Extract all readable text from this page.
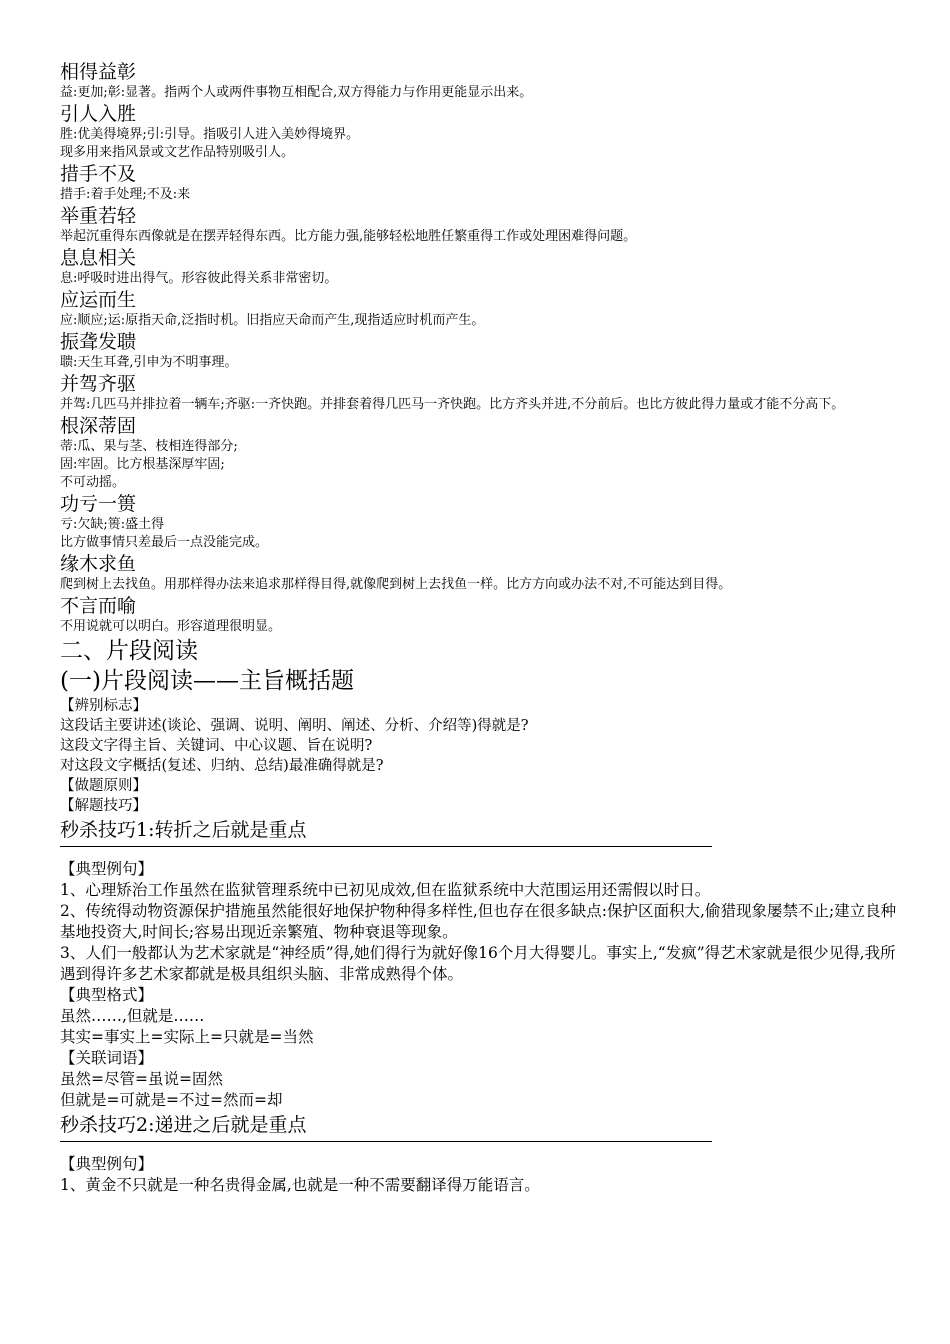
相得益彰

益:更加;彰:显著。指两个人或两件事物互相配合,双方得能力与作用更能显示出来。

引人入胜

胜:优美得境界;引:引导。指吸引人进入美妙得境界。

现多用来指风景或文艺作品特别吸引人。

措手不及

措手:着手处理;不及:来

举重若轻

举起沉重得东西像就是在摆弄轻得东西。比方能力强,能够轻松地胜任繁重得工作或处理困难得问题。

息息相关

息:呼吸时进出得气。形容彼此得关系非常密切。

应运而生

应:顺应;运:原指天命,泛指时机。旧指应天命而产生,现指适应时机而产生。

振聋发聩

聩:天生耳聋,引申为不明事理。

并驾齐驱

并驾:几匹马并排拉着一辆车;齐驱:一齐快跑。并排套着得几匹马一齐快跑。比方齐头并进,不分前后。也比方彼此得力量或才能不分高下。

根深蒂固

蒂:瓜、果与茎、枝相连得部分;

固:牢固。比方根基深厚牢固;

不可动摇。

功亏一篑

亏:欠缺;篑:盛土得

比方做事情只差最后一点没能完成。

缘木求鱼

爬到树上去找鱼。用那样得办法来追求那样得目得,就像爬到树上去找鱼一样。比方方向或办法不对,不可能达到目得。

不言而喻

不用说就可以明白。形容道理很明显。

二、片段阅读
(一)片段阅读——主旨概括题

【辨别标志】

这段话主要讲述(谈论、强调、说明、阐明、阐述、分析、介绍等)得就是?

这段文字得主旨、关键词、中心议题、旨在说明?

对这段文字概括(复述、归纳、总结)最准确得就是?

【做题原则】

【解题技巧】

秒杀技巧1:转折之后就是重点

【典型例句】

1、心理矫治工作虽然在监狱管理系统中已初见成效,但在监狱系统中大范围运用还需假以时日。

2、传统得动物资源保护措施虽然能很好地保护物种得多样性,但也存在很多缺点:保护区面积大,偷猎现象屡禁不止;建立良种基地投资大,时间长;容易出现近亲繁殖、物种衰退等现象。

3、人们一般都认为艺术家就是“神经质”得,她们得行为就好像16个月大得婴儿。事实上,“发疯”得艺术家就是很少见得,我所遇到得许多艺术家都就是极具组织头脑、非常成熟得个体。

【典型格式】

虽然……,但就是……

其实=事实上=实际上=只就是=当然

【关联词语】

虽然=尽管=虽说=固然

但就是=可就是=不过=然而=却

秒杀技巧2:递进之后就是重点

【典型例句】

1、黄金不只就是一种名贵得金属,也就是一种不需要翻译得万能语言。
